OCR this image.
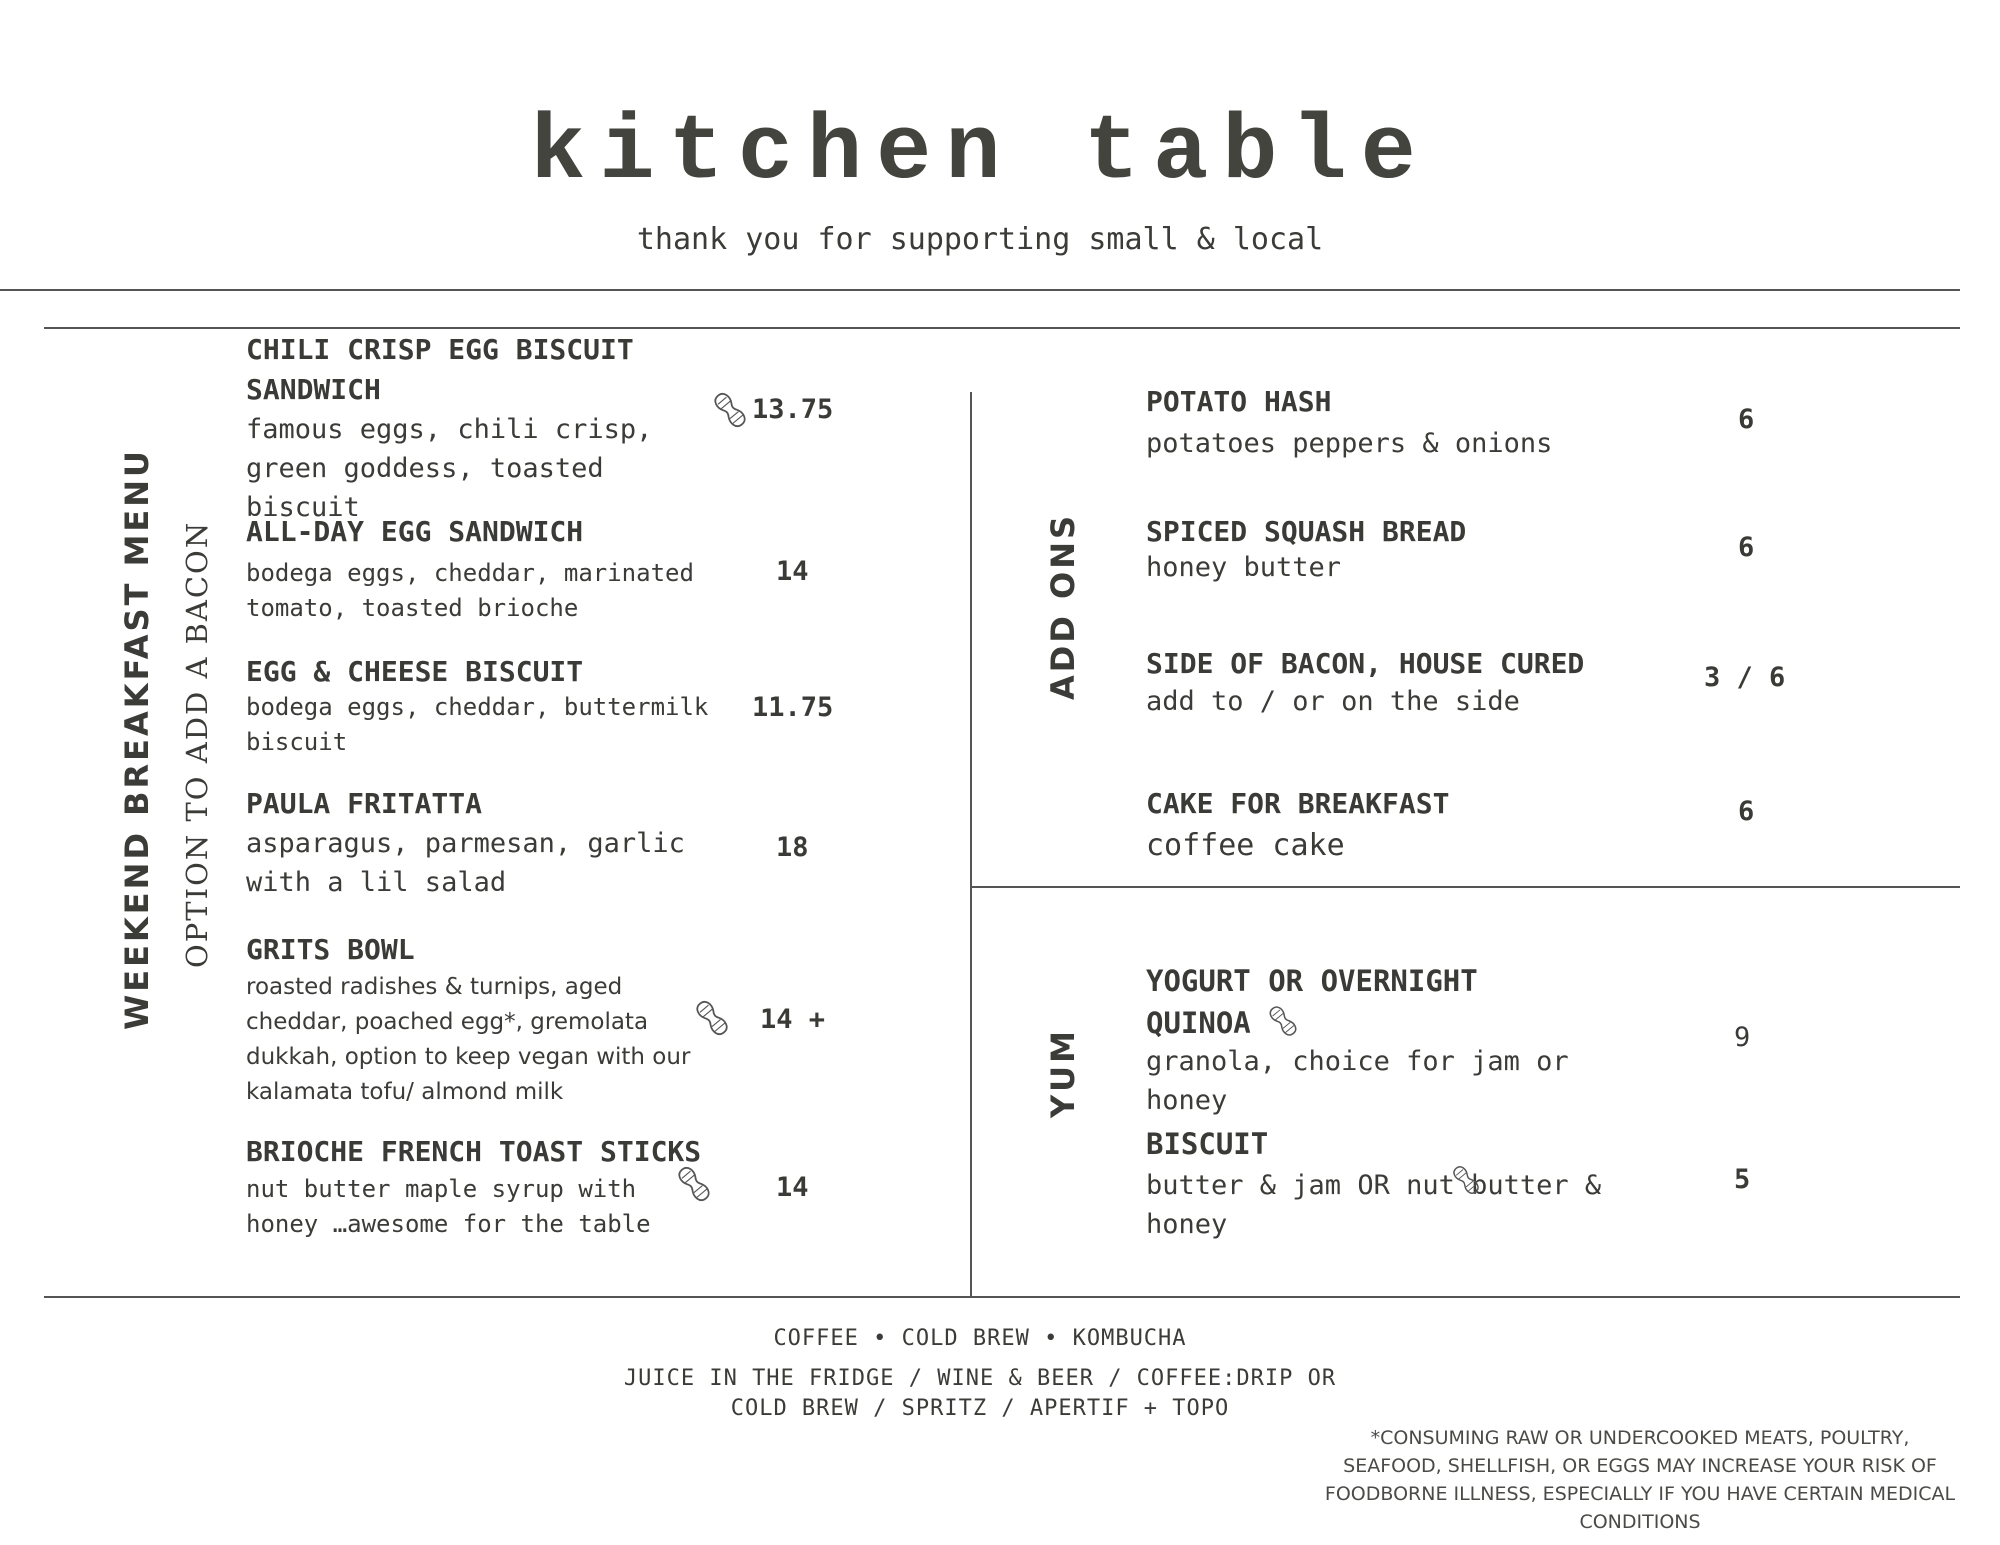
kitchen table
thank you for supporting small & local
WEEKEND BREAKFAST MENU OPTION TO ADD A BACON	ADD ONS
YUM
CHILI CRISP EGG BISCUIT SANDWICH
famous eggs, chili crisp, green goddess, toasted biscuit
13.75
ALL-DAY EGG SANDWICH
bodega eggs, cheddar, marinated tomato, toasted brioche
14
EGG & CHEESE BISCUIT
bodega eggs, cheddar, buttermilk biscuit
11.75
PAULA FRITATTA
asparagus, parmesan, garlic with a lil salad
18
GRITS BOWL
roasted radishes & turnips, aged cheddar, poached egg*, gremolata dukkah, option to keep vegan with our kalamata tofu/ almond milk
14 +
BRIOCHE FRENCH TOAST STICKS
nut butter maple syrup with honey …awesome for the table
14
POTATO HASH
potatoes peppers & onions
6
SPICED SQUASH BREAD
honey butter
6
SIDE OF BACON, HOUSE CURED
add to / or on the side
3 / 6
CAKE FOR BREAKFAST
coffee cake
6
YOGURT OR OVERNIGHT QUINOA
granola, choice for jam or honey
9
BISCUIT
butter & jam OR nut butter & honey
5
COFFEE • COLD BREW • KOMBUCHA
JUICE IN THE FRIDGE / WINE & BEER / COFFEE:DRIP OR
COLD BREW / SPRITZ / APERTIF + TOPO
*CONSUMING RAW OR UNDERCOOKED MEATS, POULTRY, SEAFOOD, SHELLFISH, OR EGGS MAY INCREASE YOUR RISK OF FOODBORNE ILLNESS, ESPECIALLY IF YOU HAVE CERTAIN MEDICAL CONDITIONS
